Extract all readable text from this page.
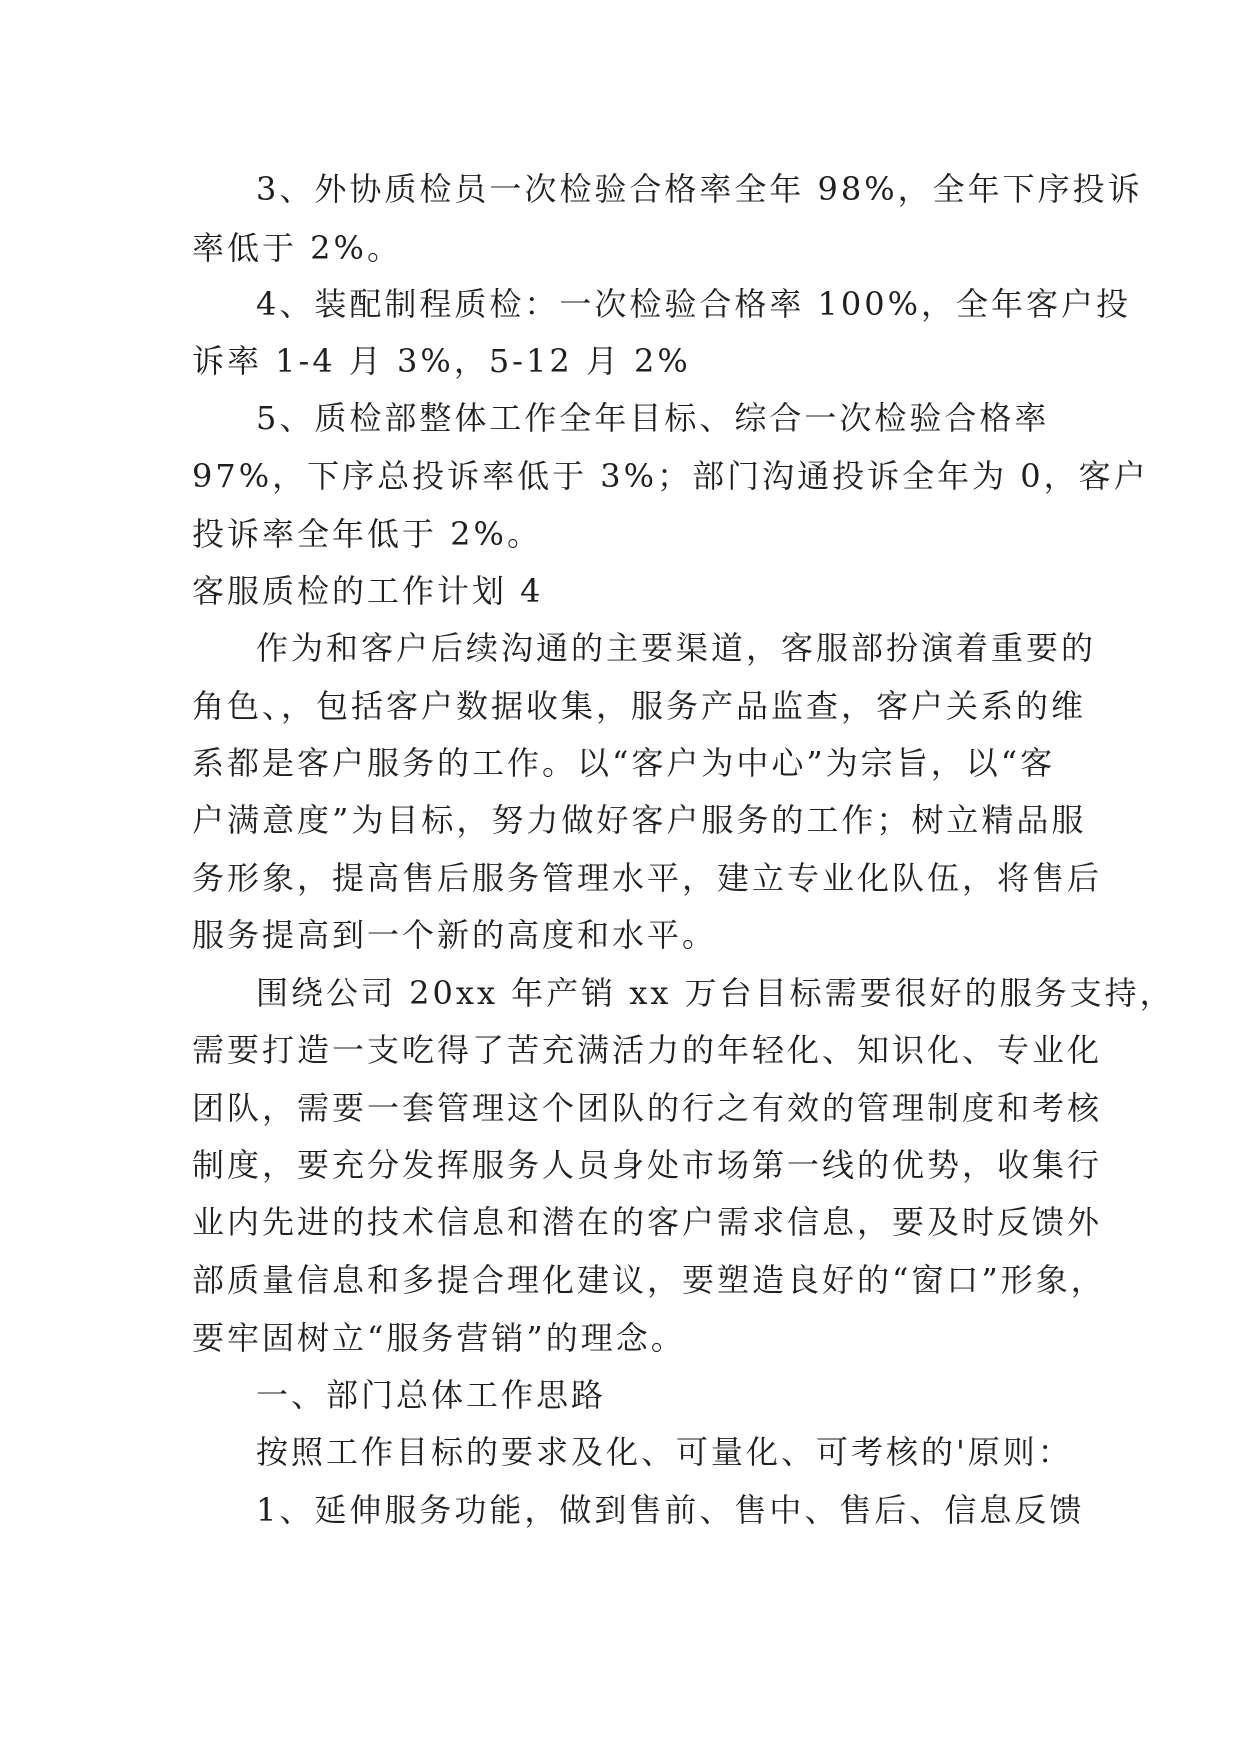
3、外协质检员一次检验合格率全年 98%，全年下序投诉
率低于 2%。
4、装配制程质检：一次检验合格率 100%，全年客户投
诉率 1-4 月 3%，5-12 月 2%
5、质检部整体工作全年目标、综合一次检验合格率
97%，下序总投诉率低于 3%；部门沟通投诉全年为 0，客户
投诉率全年低于 2%。
客服质检的工作计划 4
作为和客户后续沟通的主要渠道，客服部扮演着重要的
角色、，包括客户数据收集，服务产品监查，客户关系的维
系都是客户服务的工作。以“客户为中心”为宗旨，以“客
户满意度”为目标，努力做好客户服务的工作；树立精品服
务形象，提高售后服务管理水平，建立专业化队伍，将售后
服务提高到一个新的高度和水平。
围绕公司 20xx 年产销 xx 万台目标需要很好的服务支持，
需要打造一支吃得了苦充满活力的年轻化、知识化、专业化
团队，需要一套管理这个团队的行之有效的管理制度和考核
制度，要充分发挥服务人员身处市场第一线的优势，收集行
业内先进的技术信息和潜在的客户需求信息，要及时反馈外
部质量信息和多提合理化建议，要塑造良好的“窗口”形象，
要牢固树立“服务营销”的理念。
一、部门总体工作思路
按照工作目标的要求及化、可量化、可考核的'原则：
1、延伸服务功能，做到售前、售中、售后、信息反馈
